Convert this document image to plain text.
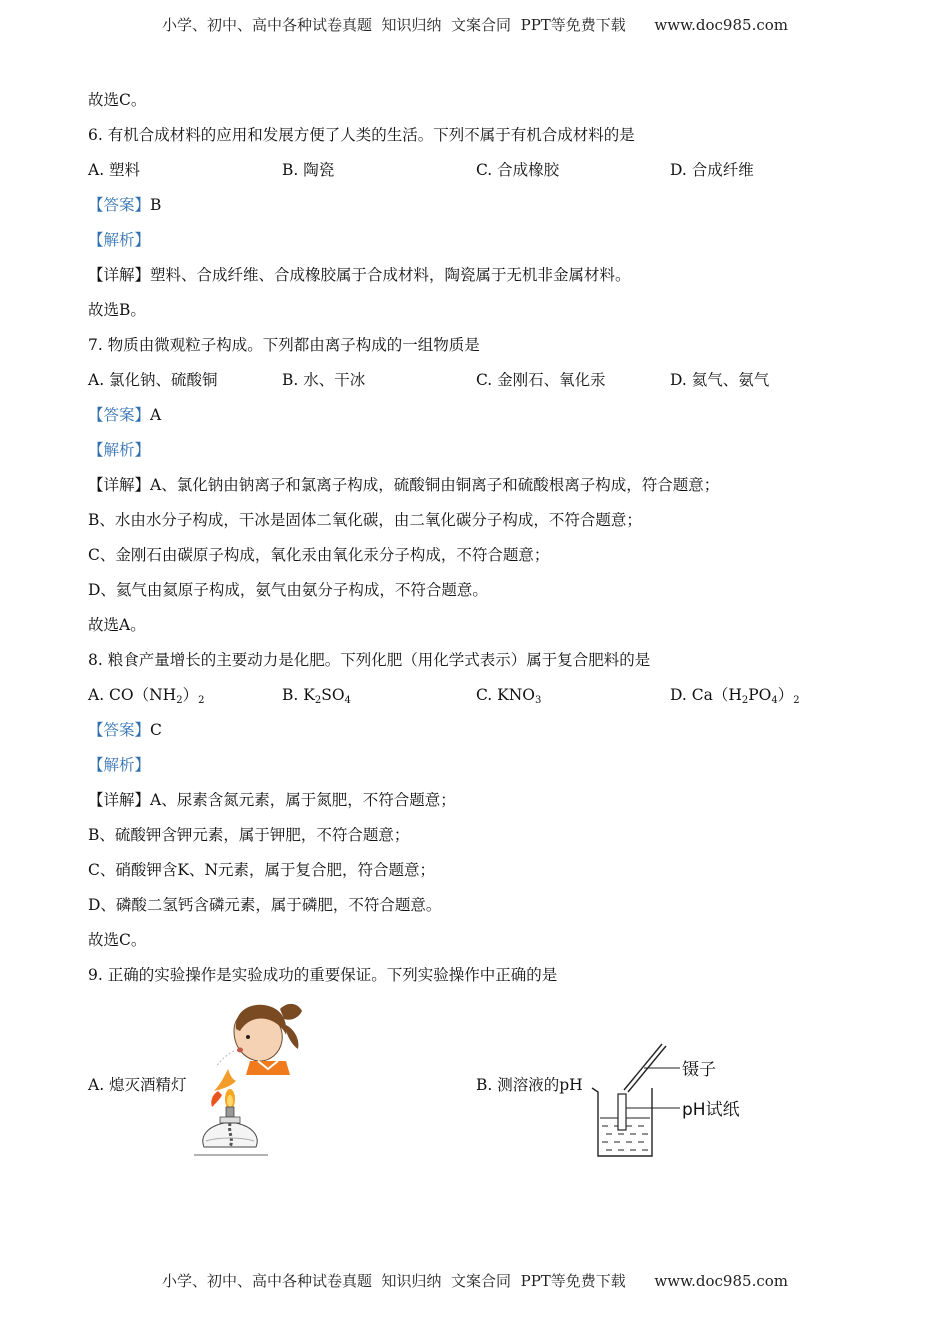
小学、初中、高中各种试卷真题  知识归纳  文案合同  PPT等免费下载      www.doc985.com
故选C。
6. 有机合成材料的应用和发展方便了人类的生活。下列不属于有机合成材料的是
A. 塑料	B. 陶瓷	C. 合成橡胶	D. 合成纤维
【答案】B
【解析】
【详解】塑料、合成纤维、合成橡胶属于合成材料，陶瓷属于无机非金属材料。
故选B。
7. 物质由微观粒子构成。下列都由离子构成的一组物质是
A. 氯化钠、硫酸铜	B. 水、干冰	C. 金刚石、氧化汞	D. 氦气、氨气
【答案】A
【解析】
【详解】A、氯化钠由钠离子和氯离子构成，硫酸铜由铜离子和硫酸根离子构成，符合题意；
B、水由水分子构成，干冰是固体二氧化碳，由二氧化碳分子构成，不符合题意；
C、金刚石由碳原子构成，氧化汞由氧化汞分子构成，不符合题意；
D、氦气由氦原子构成，氨气由氨分子构成，不符合题意。
故选A。
8. 粮食产量增长的主要动力是化肥。下列化肥（用化学式表示）属于复合肥料的是
A. $CO(NH_2)_2$	B. $K_2SO_4$	C. $KNO_3$	D. $Ca(H_2PO_4)_2$
【答案】C
【解析】
【详解】A、尿素含氮元素，属于氮肥，不符合题意；
B、硫酸钾含钾元素，属于钾肥，不符合题意；
C、硝酸钾含K、N元素，属于复合肥，符合题意；
D、磷酸二氢钙含磷元素，属于磷肥，不符合题意。
故选C。
9. 正确的实验操作是实验成功的重要保证。下列实验操作中正确的是
A. 熄灭酒精灯	B. 测溶液的pH
镊子
pH试纸
小学、初中、高中各种试卷真题  知识归纳  文案合同  PPT等免费下载      www.doc985.com
